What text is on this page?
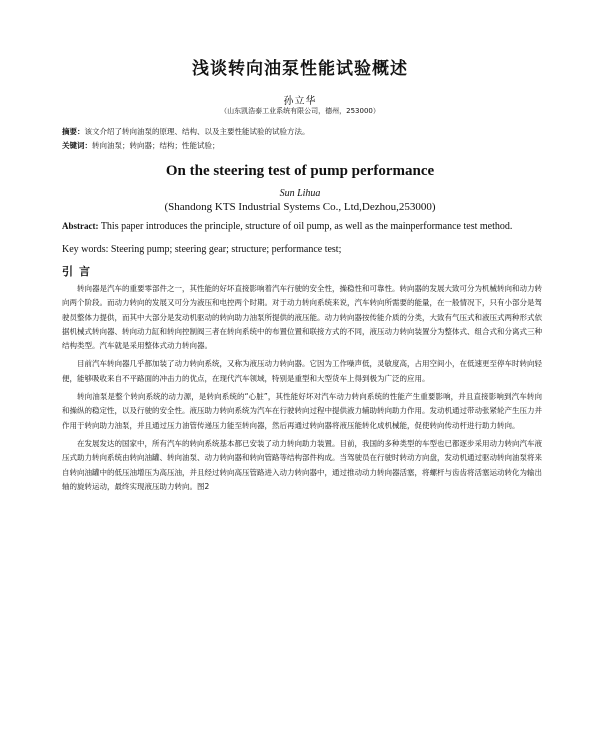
浅谈转向油泵性能试验概述
孙立华
（山东凯浩泰工业系统有限公司，德州，253000）
摘要：该文介绍了转向油泵的原理、结构、以及主要性能试验的试验方法。
关键词：转向油泵；转向器；结构；性能试验；
On the steering test of pump performance
Sun Lihua
(Shandong KTS Industrial Systems Co., Ltd,Dezhou,253000)
Abstract: This paper introduces the principle, structure of oil pump, as well as the mainperformance test method.
Key words: Steering pump; steering gear; structure; performance test;
引言

转向器是汽车的重要零部件之一，其性能的好坏直接影响着汽车行驶的安全性，操稳性和可靠性。转向器的发展大致可分为机械转向和动力转向两个阶段。而动力转向的发展又可分为液压和电控两个时期。对于动力转向系统来说，汽车转向所需要的能量，在一般情况下，只有小部分是驾驶员整体力提供，而其中大部分是发动机驱动的转向助力油泵所提供的液压能。动力转向器按传能介质的分类，大致有气压式和液压式两种形式依据机械式转向器、转向动力缸和转向控制阀三者在转向系统中的布置位置和联接方式的不同，液压动力转向装置分为整体式、组合式和分离式三种结构类型。汽车就是采用整体式动力转向器。

目前汽车转向器几乎都加装了动力转向系统，又称为液压动力转向器。它因为工作噪声低，灵敏度高，占用空间小，在低速更至停车时转向轻便，能够吸收来自不平路面的冲击力的优点，在现代汽车领域，特别是重型和大型货车上得到极为广泛的应用。

转向油泵是整个转向系统的动力源，是转向系统的“心脏”，其性能好坏对汽车动力转向系统的性能产生重要影响，并且直接影响到汽车转向和操纵的稳定性，以及行驶的安全性。液压助力转向系统为汽车在行驶转向过程中提供液力辅助转向助力作用。发动机通过带动张紧轮产生压力并作用于转向助力油泵，并且通过压力油管传递压力能至转向器，然后再通过转向器将液压能转化成机械能，促使转向传动杆进行助力转向。

在发展发达的国家中，所有汽车的转向系统基本都已安装了动力转向助力装置。目前，我国的多种类型的车型也已都逐步采用动力转向汽车液压式助力转向系统由转向油罐、转向油泵、动力转向器和转向管路等结构部件构成。当驾驶员在行驶时转动方向盘，发动机通过驱动转向油泵将来自转向油罐中的低压油增压为高压油，并且经过转向高压管路进入动力转向器中，通过推动动力转向器活塞，将螺杆与齿齿将活塞运动转化为输出轴的旋转运动，最终实现液压助力转向。图2
